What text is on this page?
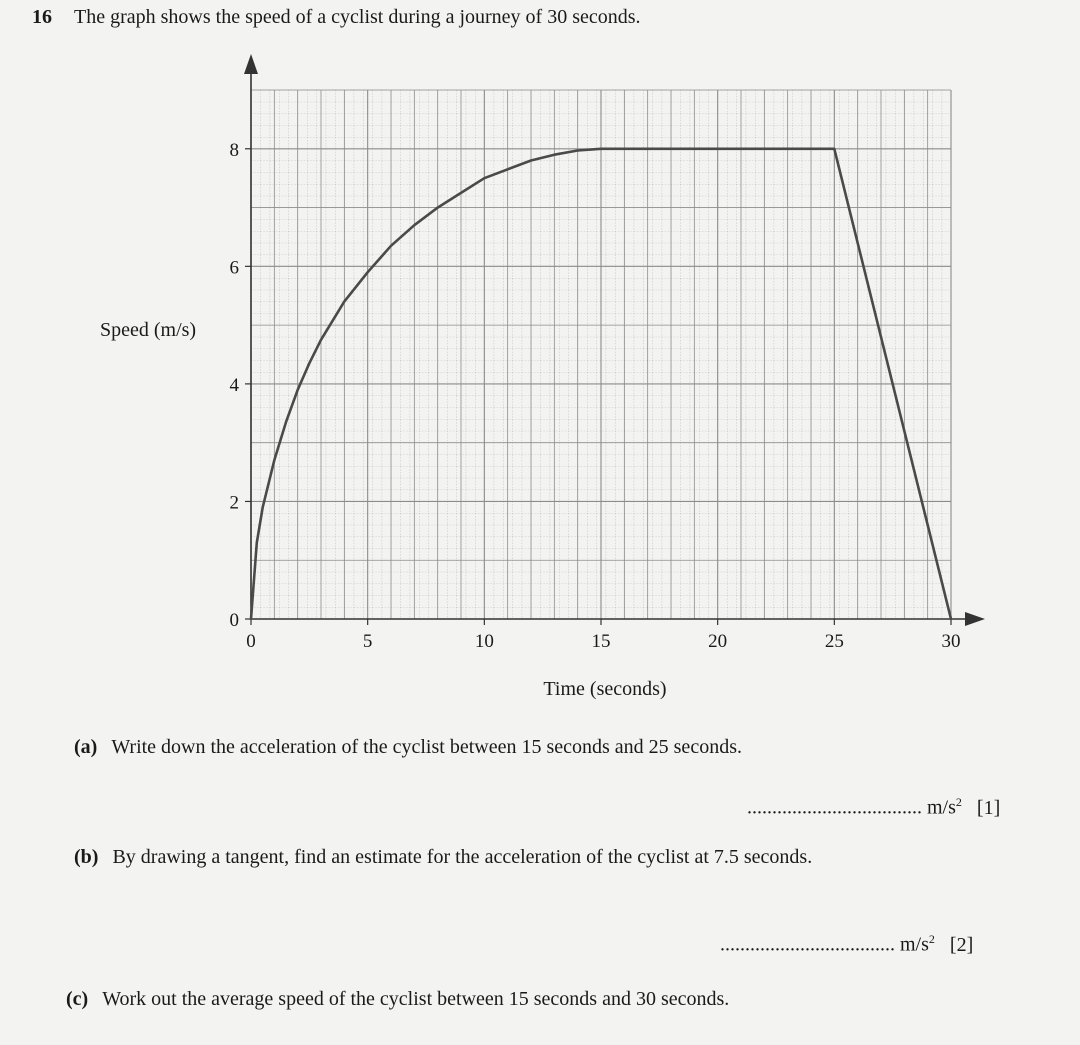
16 The graph shows the speed of a cyclist during a journey of 30 seconds.
0	5	10	15	20	25	30
0
2
4
6
8
Speed (m/s)
Time (seconds)
(a) Write down the acceleration of the cyclist between 15 seconds and 25 seconds.
................................... $m/s^2$ [1]
(b) By drawing a tangent, find an estimate for the acceleration of the cyclist at 7.5 seconds.
................................... $m/s^2$ [2]
(c) Work out the average speed of the cyclist between 15 seconds and 30 seconds.
